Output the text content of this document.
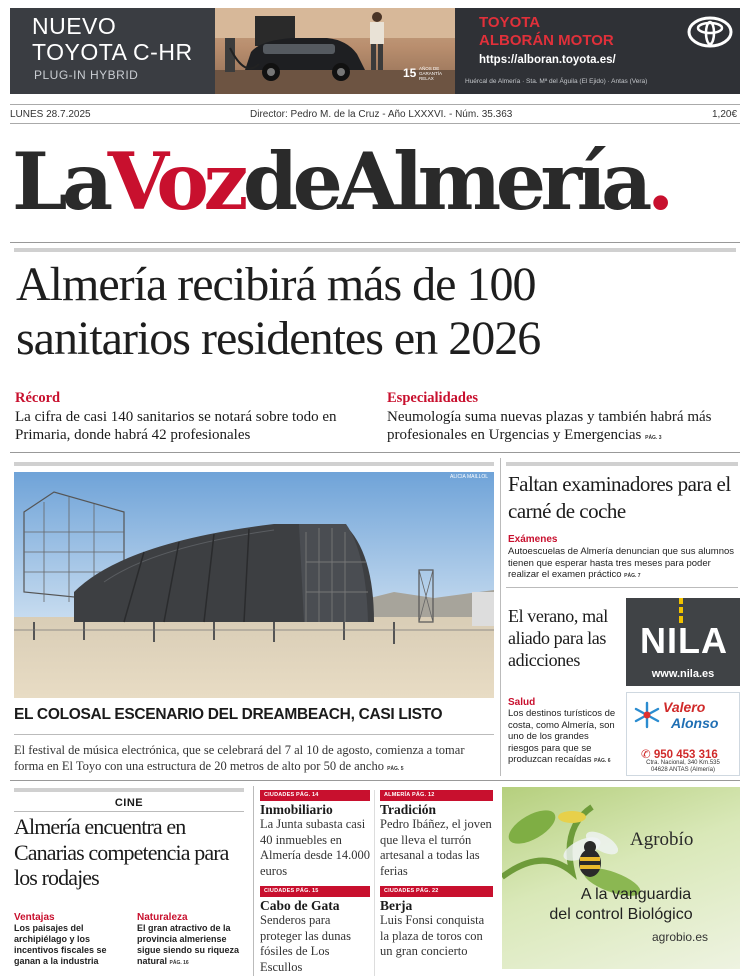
NUEVO
TOYOTA C-HR
PLUG-IN HYBRID	15 AÑOS DE GARANTÍA RELAX
TOYOTA
ALBORÁN MOTOR
https://alboran.toyota.es/
Huércal de Almería · Sta. Mª del Águila (El Ejido) · Antas (Vera)
LUNES 28.7.2025	Director: Pedro M. de la Cruz - Año LXXXVI. - Núm. 35.363	1,20€
LaVozdeAlmería.
Almería recibirá más de 100
sanitarios residentes en 2026
Récord
La cifra de casi 140 sanitarios se notará sobre todo en Primaria, donde habrá 42 profesionales
Especialidades
Neumología suma nuevas plazas y también habrá más profesionales en Urgencias y Emergencias PÁG. 3
ALICIA MAILLOL
EL COLOSAL ESCENARIO DEL DREAMBEACH, CASI LISTO
El festival de música electrónica, que se celebrará del 7 al 10 de agosto, comienza a tomar forma en El Toyo con una estructura de 20 metros de alto por 50 de ancho PÁG. 5
Faltan examinadores para el carné de coche
Exámenes
Autoescuelas de Almería denuncian que sus alumnos tienen que esperar hasta tres meses para poder realizar el examen práctico PÁG. 7
El verano, mal aliado para las adicciones
Salud
Los destinos turísticos de costa, como Almería, son uno de los grandes riesgos para que se produzcan recaídas PÁG. 6
NILA
www.nila.es
Valero
Alonso
✆ 950 453 316
Ctra. Nacional, 340 Km.535
04628 ANTAS (Almería)
CINE
Almería encuentra en Canarias competencia para los rodajes
Ventajas
Los paisajes del archipiélago y los incentivos fiscales se ganan a la industria
Naturaleza
El gran atractivo de la provincia almeriense sigue siendo su riqueza natural PÁG. 16
CIUDADES PÁG. 14
Inmobiliario
La Junta subasta casi 40 inmuebles en Almería desde 14.000 euros
ALMERÍA PÁG. 12
Tradición
Pedro Ibáñez, el joven que lleva el turrón artesanal a todas las ferias
CIUDADES PÁG. 15
Cabo de Gata
Senderos para proteger las dunas fósiles de Los Escullos
CIUDADES PÁG. 22
Berja
Luis Fonsi conquista la plaza de toros con un gran concierto
Agrobío
A la vanguardia
del control Biológico
agrobio.es
